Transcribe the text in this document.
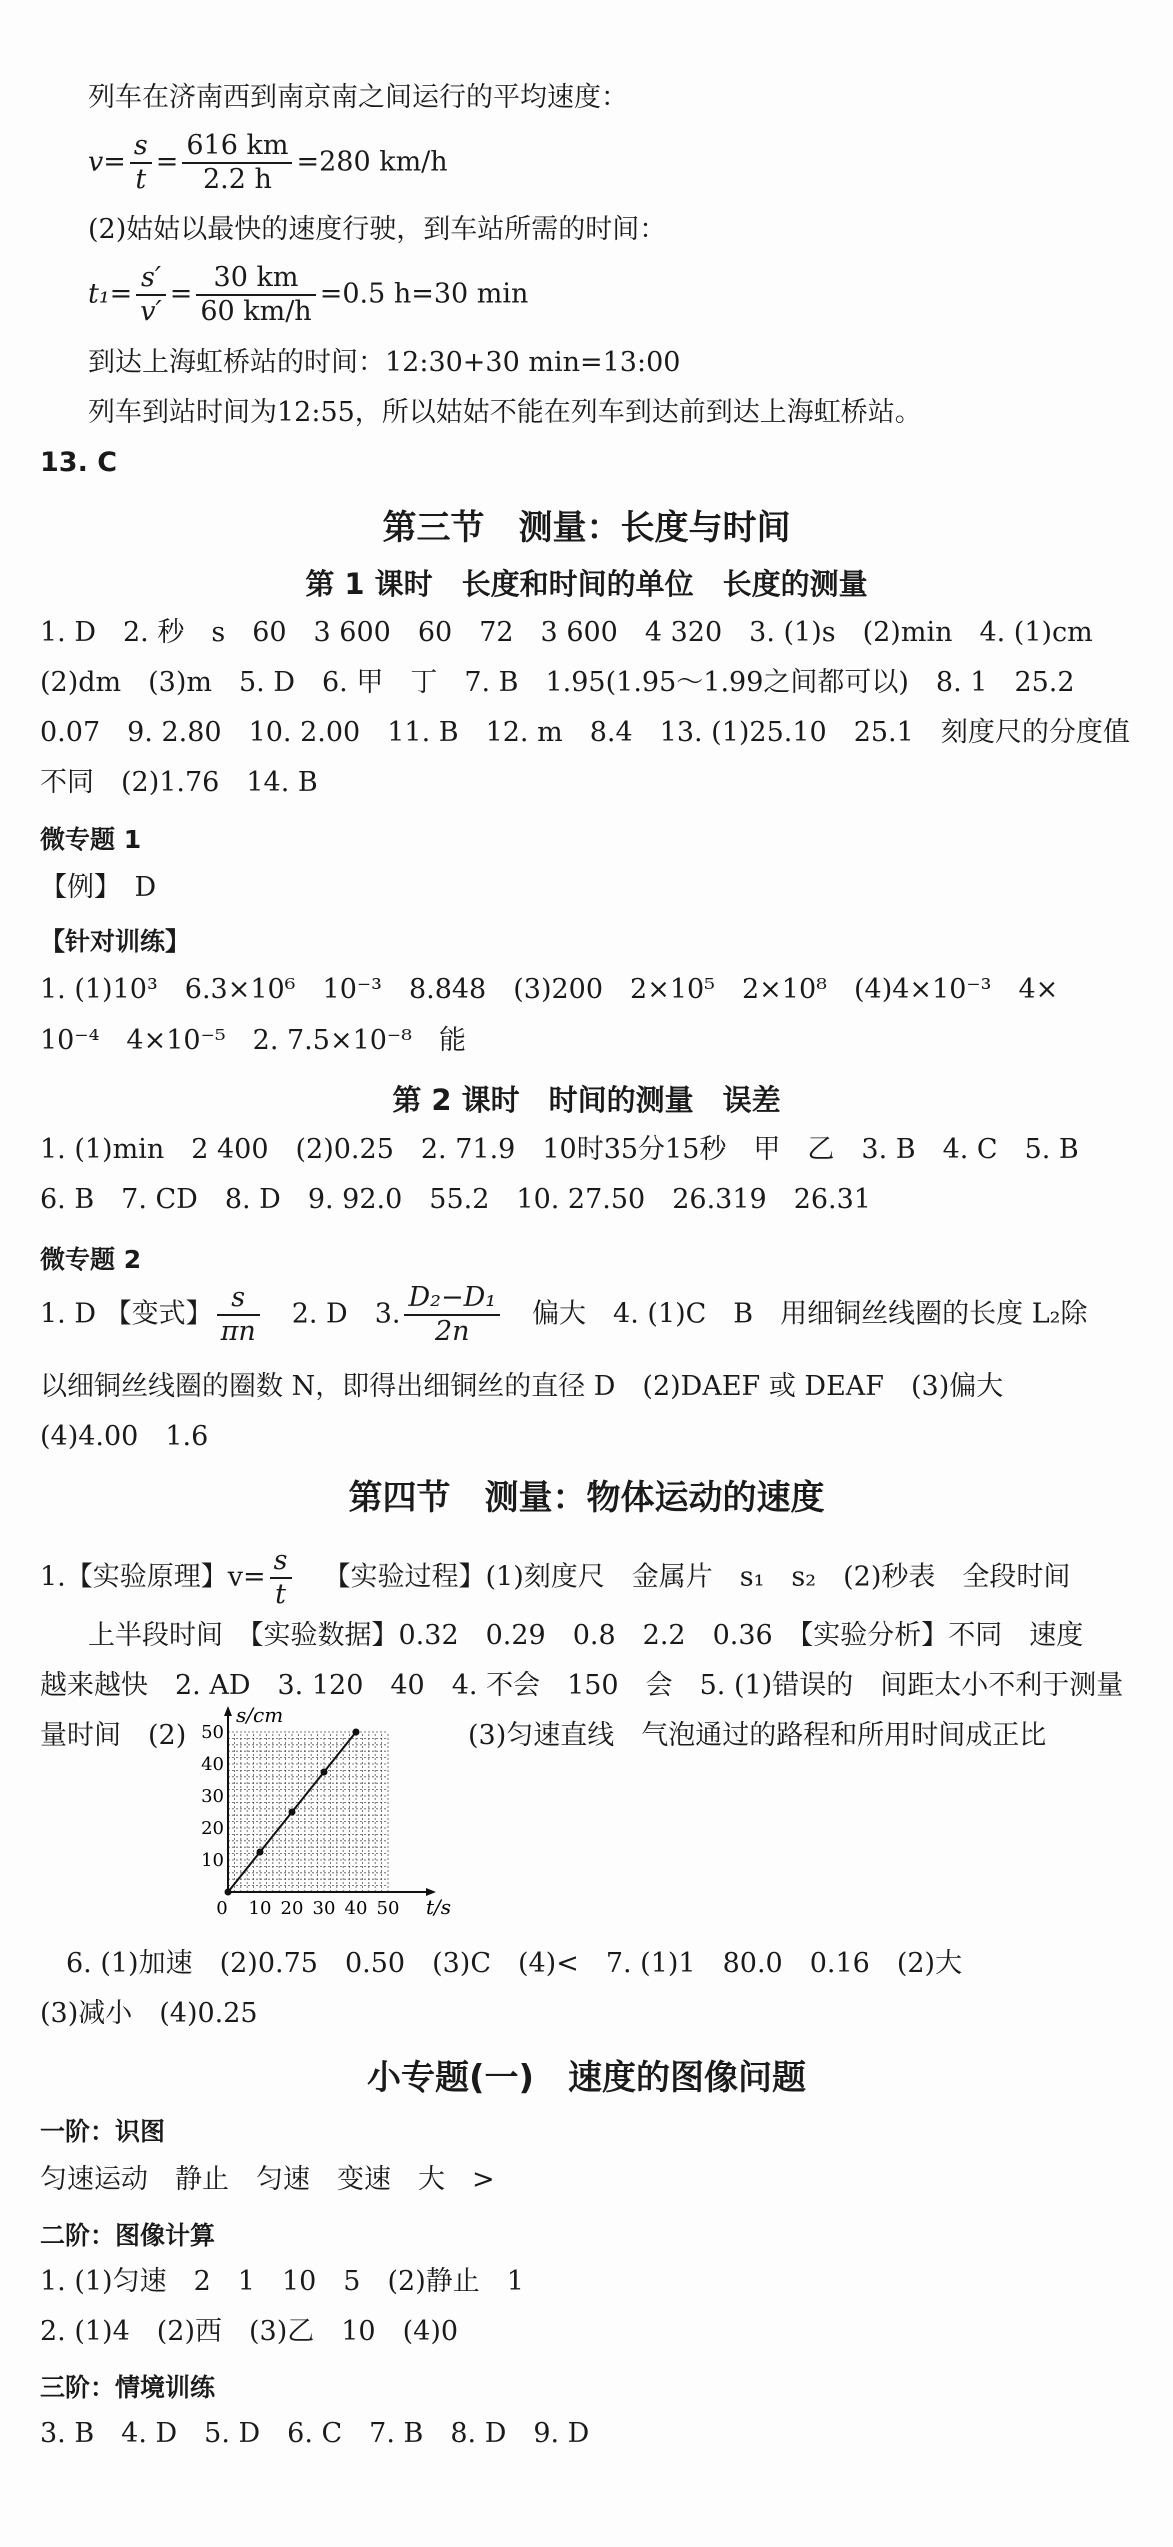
列车在济南西到南京南之间运行的平均速度：
$v= \frac{s}{t} = \frac{616 km}{2.2 h} =280$ km/h
(2)姑姑以最快的速度行驶，到车站所需的时间：
$t_1= \frac{s'}{v'} = \frac{30 km}{60 km/h} =0.5$ h=30 min
到达上海虹桥站的时间：12:30+30 min=13:00
列车到站时间为12:55，所以姑姑不能在列车到达前到达上海虹桥站。
13. C
第三节　测量：长度与时间
第 1 课时　长度和时间的单位　长度的测量
1. D　2. 秒　s　60　3 600　60　72　3 600　4 320　3. (1)s　(2)min　4. (1)cm
(2)dm　(3)m　5. D　6. 甲　丁　7. B　1.95(1.95～1.99之间都可以)　8. 1　25.2
0.07　9. 2.80　10. 2.00　11. B　12. m　8.4　13. (1)25.10　25.1　刻度尺的分度值
不同　(2)1.76　14. B
微专题 1
【例】　D
【针对训练】
1. (1)10³　6.3×10⁶　10⁻³　8.848　(3)200　2×10⁵　2×10⁸　(4)4×10⁻³　4×
10⁻⁴　4×10⁻⁵　2. 7.5×10⁻⁸　能
第 2 课时　时间的测量　误差
1. (1)min　2 400　(2)0.25　2. 71.9　10时35分15秒　甲　乙　3. B　4. C　5. B
6. B　7. CD　8. D　9. 92.0　55.2　10. 27.50　26.319　26.31
微专题 2
1. D 【变式】 $\frac{s}{\pi n} 2$. D　3. $\frac{\text{D₂−D₁}}{2n}$ 偏大　4. (1)C　B　用细铜丝线圈的长度 L₂除
以细铜丝线圈的圈数 N，即得出细铜丝的直径 D　(2)DAEF 或 DEAF　(3)偏大
(4)4.00　1.6
第四节　测量：物体运动的速度
1.【实验原理】$v= \frac{s}{t}$ 【实验过程】(1)刻度尺　金属片　s₁　s₂　(2)秒表　全段时间
上半段时间　【实验数据】0.32　0.29　0.8　2.2　0.36　【实验分析】不同　速度
越来越快　2. AD　3. 120　40　4. 不会　150　会　5. (1)错误的　间距太小不利于测量
量时间　(2)	(3)匀速直线　气泡通过的路程和所用时间成正比
0 10 20 30 40 50
10
20
30
40
50
t/s
s/cm
6. (1)加速　(2)0.75　0.50　(3)C　(4)<　7. (1)1　80.0　0.16　(2)大
(3)减小　(4)0.25
小专题(一)　速度的图像问题
一阶：识图
匀速运动　静止　匀速　变速　大　>
二阶：图像计算
1. (1)匀速　2　1　10　5　(2)静止　1
2. (1)4　(2)西　(3)乙　10　(4)0
三阶：情境训练
3. B　4. D　5. D　6. C　7. B　8. D　9. D
